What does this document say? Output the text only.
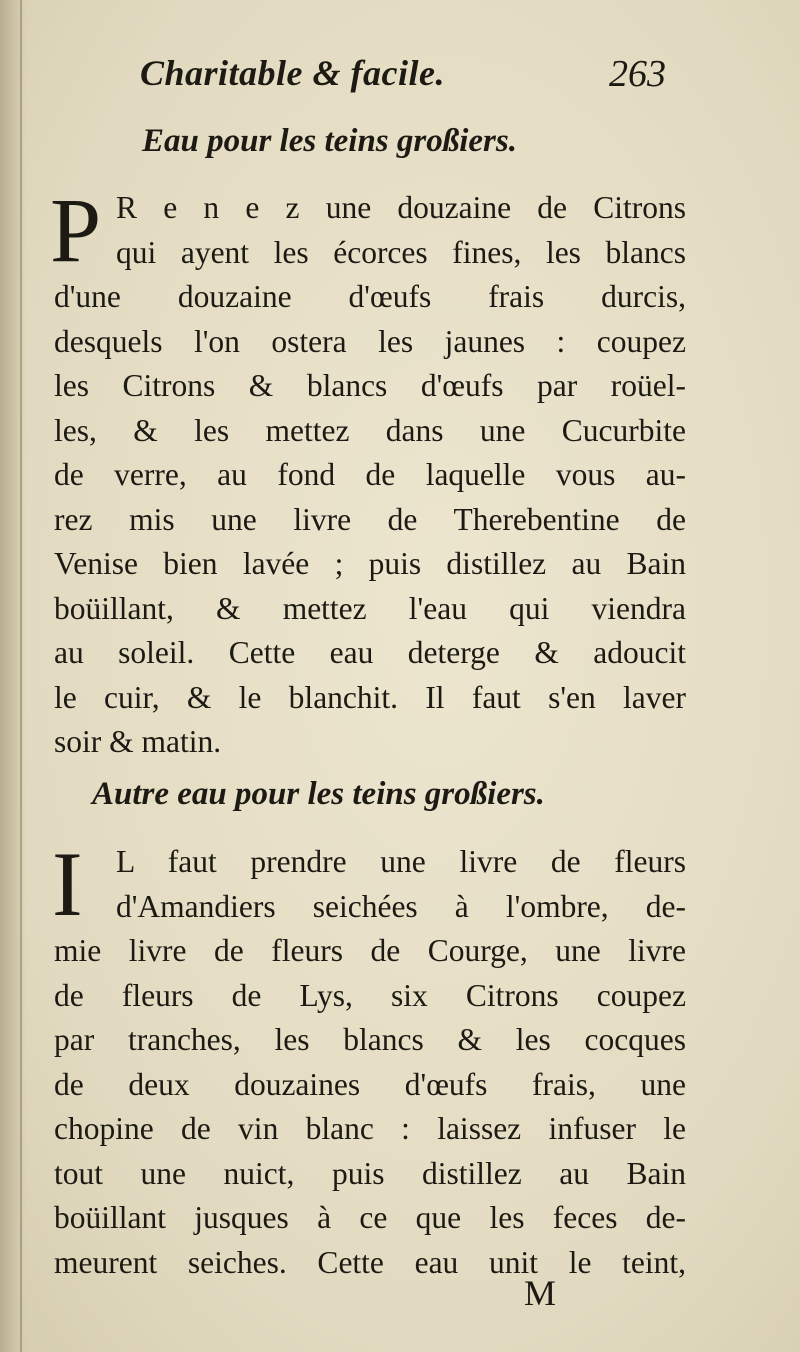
Charitable & facile.	263
Eau pour les teins großiers.
P R e n e z une douzaine de Citrons
qui ayent les écorces fines, les blancs
d'une douzaine d'œufs frais durcis,
desquels l'on ostera les jaunes : coupez
les Citrons & blancs d'œufs par roüel-
les, & les mettez dans une Cucurbite
de verre, au fond de laquelle vous au-
rez mis une livre de Therebentine de
Venise bien lavée ; puis distillez au Bain
boüillant, & mettez l'eau qui viendra
au soleil. Cette eau deterge & adoucit
le cuir, & le blanchit. Il faut s'en laver
soir & matin.
Autre eau pour les teins großiers.
I	L faut prendre une livre de fleurs
d'Amandiers seichées à l'ombre, de-
mie livre de fleurs de Courge, une livre
de fleurs de Lys, six Citrons coupez
par tranches, les blancs & les cocques
de deux douzaines d'œufs frais, une
chopine de vin blanc : laissez infuser le
tout une nuict, puis distillez au Bain
boüillant jusques à ce que les feces de-
meurent seiches. Cette eau unit le teint,
M
